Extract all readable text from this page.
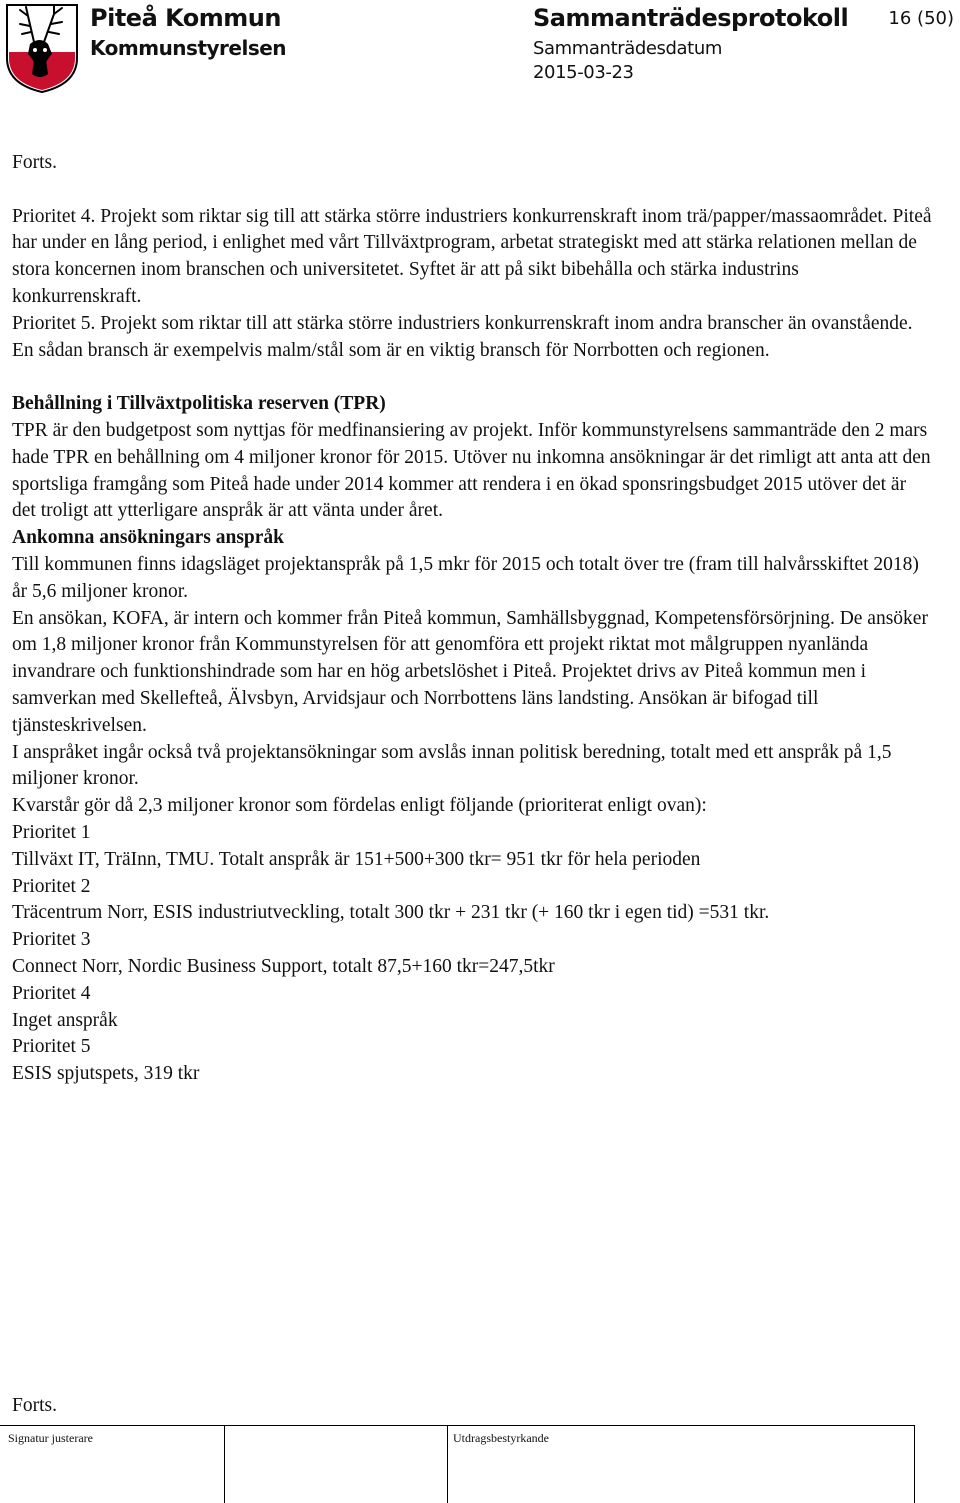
Piteå Kommun
Kommunstyrelsen
Sammanträdesprotokoll
Sammanträdesdatum
2015-03-23
16 (50)

Forts.

Prioritet 4. Projekt som riktar sig till att stärka större industriers konkurrenskraft inom trä/papper/massaområdet. Piteå har under en lång period, i enlighet med vårt Tillväxtprogram, arbetat strategiskt med att stärka relationen mellan de stora koncernen inom branschen och universitetet. Syftet är att på sikt bibehålla och stärka industrins konkurrenskraft.

Prioritet 5. Projekt som riktar till att stärka större industriers konkurrenskraft inom andra branscher än ovanstående. En sådan bransch är exempelvis malm/stål som är en viktig bransch för Norrbotten och regionen.

Behållning i Tillväxtpolitiska reserven (TPR)

TPR är den budgetpost som nyttjas för medfinansiering av projekt. Inför kommunstyrelsens sammanträde den 2 mars hade TPR en behållning om 4 miljoner kronor för 2015. Utöver nu inkomna ansökningar är det rimligt att anta att den sportsliga framgång som Piteå hade under 2014 kommer att rendera i en ökad sponsringsbudget 2015 utöver det är det troligt att ytterligare anspråk är att vänta under året.

Ankomna ansökningars anspråk

Till kommunen finns idagsläget projektanspråk på 1,5 mkr för 2015 och totalt över tre (fram till halvårsskiftet 2018) år 5,6 miljoner kronor.

En ansökan, KOFA, är intern och kommer från Piteå kommun, Samhällsbyggnad, Kompetensförsörjning. De ansöker om 1,8 miljoner kronor från Kommunstyrelsen för att genomföra ett projekt riktat mot målgruppen nyanlända invandrare och funktionshindrade som har en hög arbetslöshet i Piteå. Projektet drivs av Piteå kommun men i samverkan med Skellefteå, Älvsbyn, Arvidsjaur och Norrbottens läns landsting. Ansökan är bifogad till tjänsteskrivelsen.

I anspråket ingår också två projektansökningar som avslås innan politisk beredning, totalt med ett anspråk på 1,5 miljoner kronor.

Kvarstår gör då 2,3 miljoner kronor som fördelas enligt följande (prioriterat enligt ovan):

Prioritet 1

Tillväxt IT, TräInn, TMU. Totalt anspråk är 151+500+300 tkr= 951 tkr för hela perioden

Prioritet 2

Träcentrum Norr, ESIS industriutveckling, totalt 300 tkr + 231 tkr (+ 160 tkr i egen tid) =531 tkr.

Prioritet 3

Connect Norr, Nordic Business Support, totalt 87,5+160 tkr=247,5tkr

Prioritet 4

Inget anspråk

Prioritet 5

ESIS spjutspets, 319 tkr

Forts.
Signatur justerare	Utdragsbestyrkande
